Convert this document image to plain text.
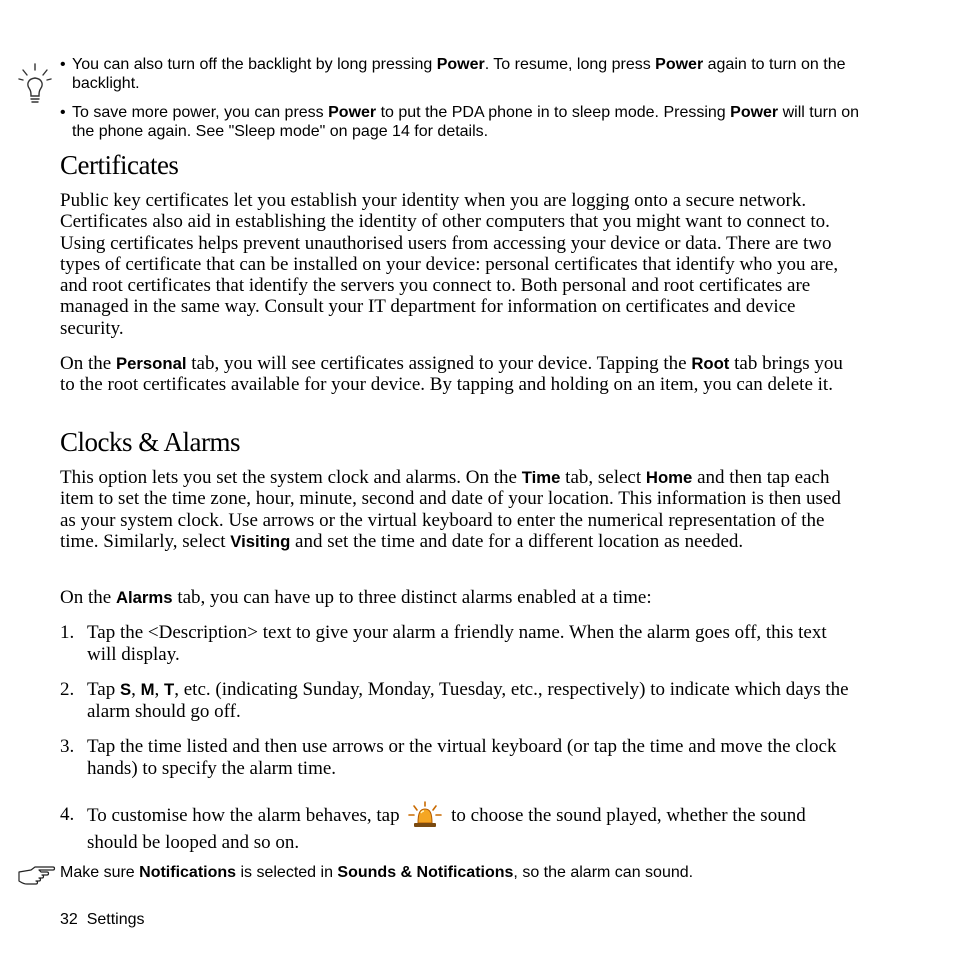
• You can also turn off the backlight by long pressing Power. To resume, long press Power again to turn on the backlight.
• To save more power, you can press Power to put the PDA phone in to sleep mode. Pressing Power will turn on the phone again. See "Sleep mode" on page 14 for details.
Certificates

Public key certificates let you establish your identity when you are logging onto a secure network. Certificates also aid in establishing the identity of other computers that you might want to connect to. Using certificates helps prevent unauthorised users from accessing your device or data. There are two types of certificate that can be installed on your device: personal certificates that identify who you are, and root certificates that identify the servers you connect to. Both personal and root certificates are managed in the same way. Consult your IT department for information on certificates and device security.

On the Personal tab, you will see certificates assigned to your device. Tapping the Root tab brings you to the root certificates available for your device. By tapping and holding on an item, you can delete it.

Clocks & Alarms

This option lets you set the system clock and alarms. On the Time tab, select Home and then tap each item to set the time zone, hour, minute, second and date of your location. This information is then used as your system clock. Use arrows or the virtual keyboard to enter the numerical representation of the time. Similarly, select Visiting and set the time and date for a different location as needed.

On the Alarms tab, you can have up to three distinct alarms enabled at a time:

1. Tap the <Description> text to give your alarm a friendly name. When the alarm goes off, this text will display.
2. Tap S, M, T, etc. (indicating Sunday, Monday, Tuesday, etc., respectively) to indicate which days the alarm should go off.
3. Tap the time listed and then use arrows or the virtual keyboard (or tap the time and move the clock hands) to specify the alarm time.
4. To customise how the alarm behaves, tap  to choose the sound played, whether the sound should be looped and so on.
Make sure Notifications is selected in Sounds & Notifications, so the alarm can sound.
32  Settings
